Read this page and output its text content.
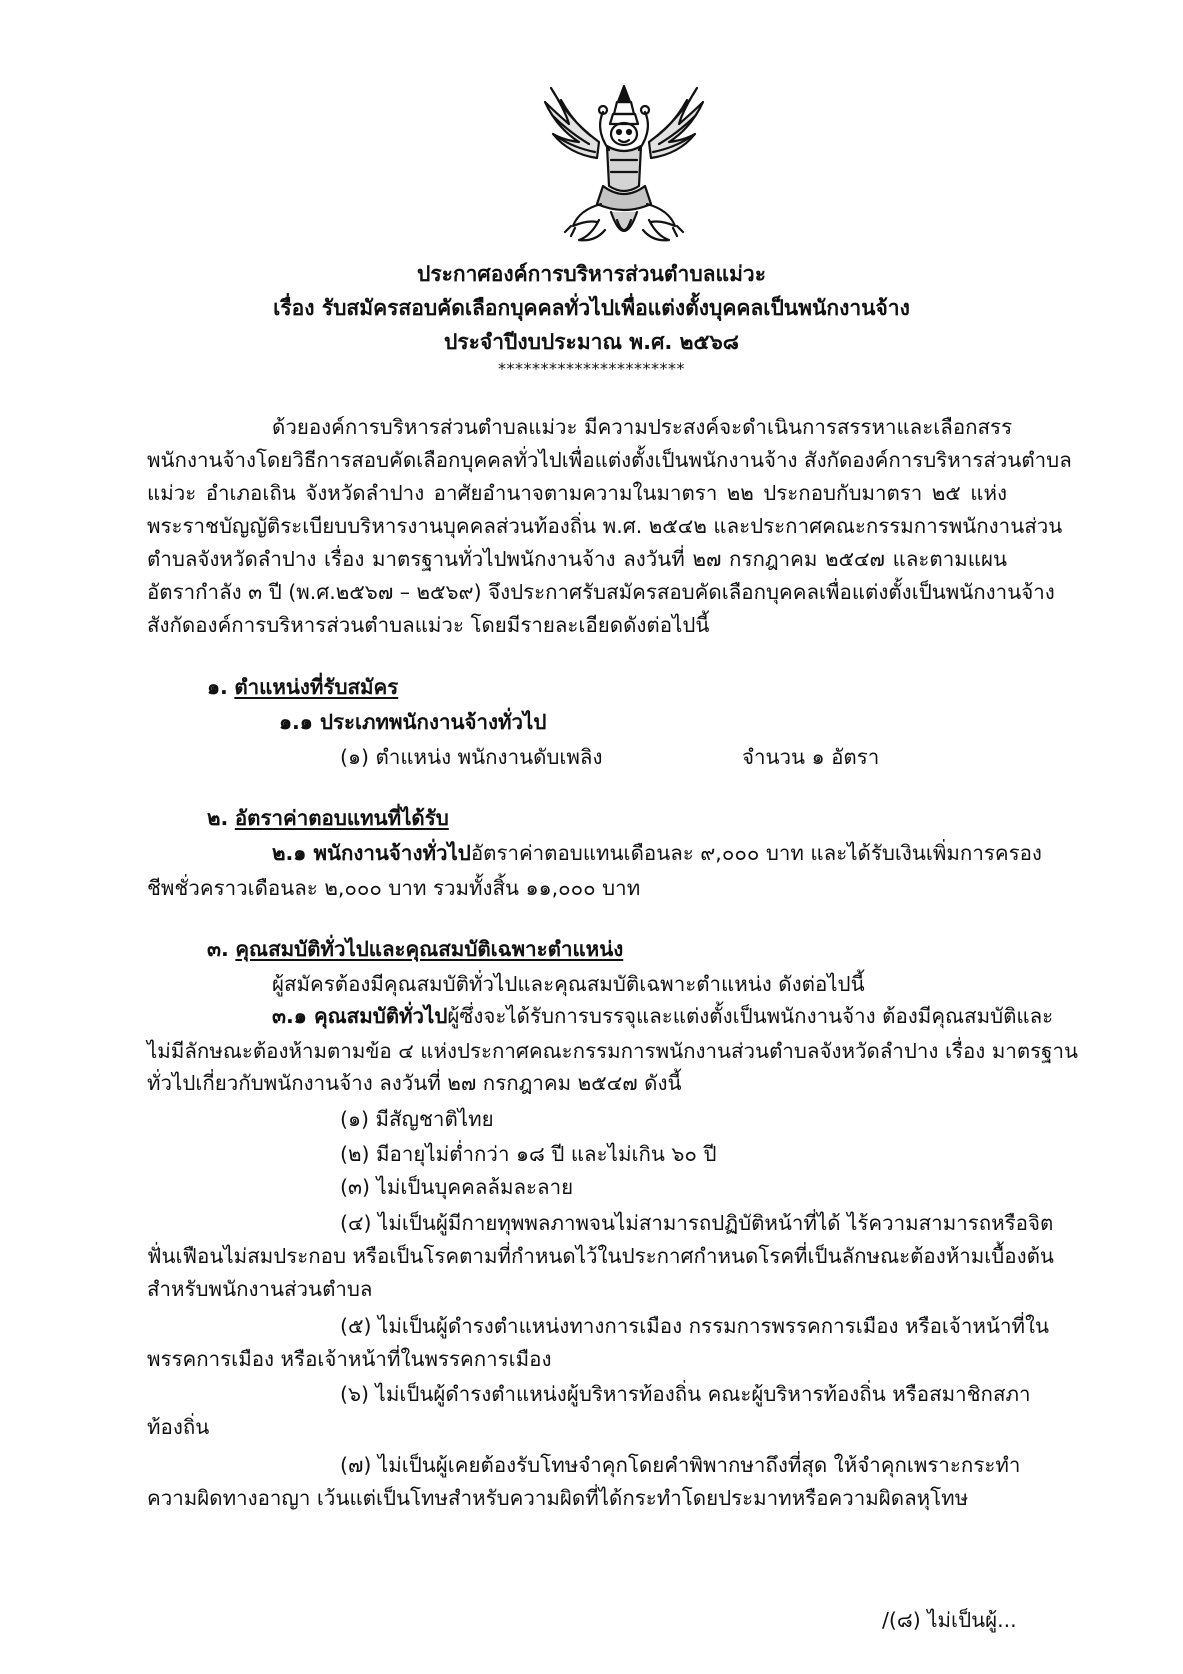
ประกาศองค์การบริหารส่วนตำบลแม่วะ
เรื่อง รับสมัครสอบคัดเลือกบุคคลทั่วไปเพื่อแต่งตั้งบุคคลเป็นพนักงานจ้าง
ประจำปีงบประมาณ พ.ศ. ๒๕๖๘
**********************
ด้วยองค์การบริหารส่วนตำบลแม่วะ มีความประสงค์จะดำเนินการสรรหาและเลือกสรร
พนักงานจ้างโดยวิธีการสอบคัดเลือกบุคคลทั่วไปเพื่อแต่งตั้งเป็นพนักงานจ้าง สังกัดองค์การบริหารส่วนตำบล
แม่วะ อำเภอเถิน จังหวัดลำปาง อาศัยอำนาจตามความในมาตรา ๒๒ ประกอบกับมาตรา ๒๕ แห่ง
พระราชบัญญัติระเบียบบริหารงานบุคคลส่วนท้องถิ่น พ.ศ. ๒๕๔๒ และประกาศคณะกรรมการพนักงานส่วน
ตำบลจังหวัดลำปาง เรื่อง มาตรฐานทั่วไปพนักงานจ้าง ลงวันที่ ๒๗ กรกฎาคม ๒๕๔๗ และตามแผน
อัตรากำลัง ๓ ปี (พ.ศ.๒๕๖๗ – ๒๕๖๙) จึงประกาศรับสมัครสอบคัดเลือกบุคคลเพื่อแต่งตั้งเป็นพนักงานจ้าง
สังกัดองค์การบริหารส่วนตำบลแม่วะ โดยมีรายละเอียดดังต่อไปนี้
๑. ตำแหน่งที่รับสมัคร
๑.๑ ประเภทพนักงานจ้างทั่วไป
(๑) ตำแหน่ง พนักงานดับเพลิง	จำนวน ๑ อัตรา
๒. อัตราค่าตอบแทนที่ได้รับ
๒.๑ พนักงานจ้างทั่วไป อัตราค่าตอบแทนเดือนละ ๙,๐๐๐ บาท และได้รับเงินเพิ่มการครอง
ชีพชั่วคราวเดือนละ ๒,๐๐๐ บาท รวมทั้งสิ้น ๑๑,๐๐๐ บาท
๓. คุณสมบัติทั่วไปและคุณสมบัติเฉพาะตำแหน่ง
ผู้สมัครต้องมีคุณสมบัติทั่วไปและคุณสมบัติเฉพาะตำแหน่ง ดังต่อไปนี้
๓.๑ คุณสมบัติทั่วไป ผู้ซึ่งจะได้รับการบรรจุและแต่งตั้งเป็นพนักงานจ้าง ต้องมีคุณสมบัติและ
ไม่มีลักษณะต้องห้ามตามข้อ ๔ แห่งประกาศคณะกรรมการพนักงานส่วนตำบลจังหวัดลำปาง เรื่อง มาตรฐาน
ทั่วไปเกี่ยวกับพนักงานจ้าง ลงวันที่ ๒๗ กรกฎาคม ๒๕๔๗ ดังนี้
(๑) มีสัญชาติไทย
(๒) มีอายุไม่ต่ำกว่า ๑๘ ปี และไม่เกิน ๖๐ ปี
(๓) ไม่เป็นบุคคลล้มละลาย
(๔) ไม่เป็นผู้มีกายทุพพลภาพจนไม่สามารถปฏิบัติหน้าที่ได้ ไร้ความสามารถหรือจิต
ฟั่นเฟือนไม่สมประกอบ หรือเป็นโรคตามที่กำหนดไว้ในประกาศกำหนดโรคที่เป็นลักษณะต้องห้ามเบื้องต้น
สำหรับพนักงานส่วนตำบล
(๕) ไม่เป็นผู้ดำรงตำแหน่งทางการเมือง กรรมการพรรคการเมือง หรือเจ้าหน้าที่ใน
พรรคการเมือง หรือเจ้าหน้าที่ในพรรคการเมือง
(๖) ไม่เป็นผู้ดำรงตำแหน่งผู้บริหารท้องถิ่น คณะผู้บริหารท้องถิ่น หรือสมาชิกสภา
ท้องถิ่น
(๗) ไม่เป็นผู้เคยต้องรับโทษจำคุกโดยคำพิพากษาถึงที่สุด ให้จำคุกเพราะกระทำ
ความผิดทางอาญา เว้นแต่เป็นโทษสำหรับความผิดที่ได้กระทำโดยประมาทหรือความผิดลหุโทษ
/(๘) ไม่เป็นผู้...
